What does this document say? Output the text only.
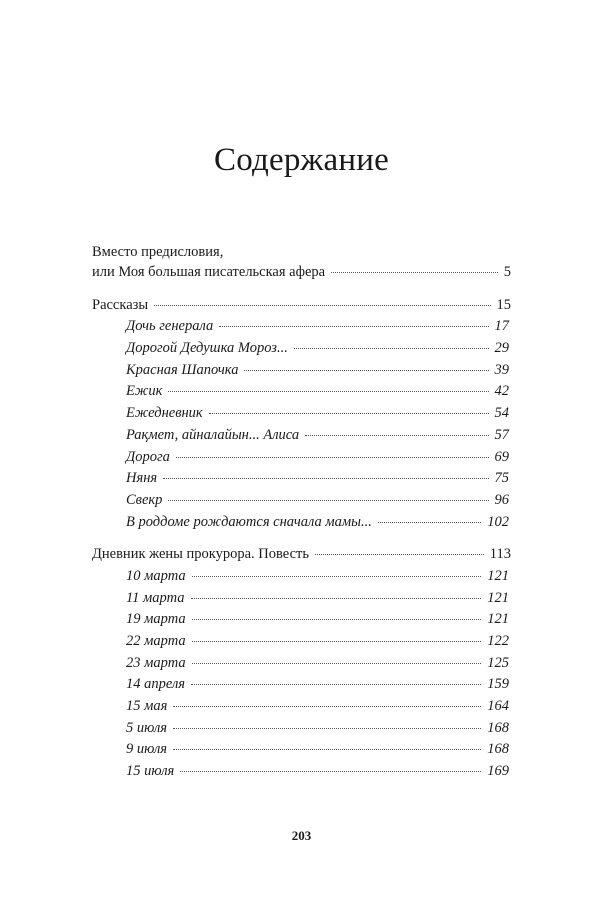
Содержание
Вместо предисловия,
или Моя большая писательская афера	5
Рассказы	15
Дочь генерала	17
Дорогой Дедушка Мороз...	29
Красная Шапочка	39
Ежик	42
Ежедневник	54
Рақмет, айналайын... Алиса	57
Дорога	69
Няня	75
Свекр	96
В роддоме рождаются сначала мамы...	102
Дневник жены прокурора. Повесть	113
10 марта	121
11 марта	121
19 марта	121
22 марта	122
23 марта	125
14 апреля	159
15 мая	164
5 июля	168
9 июля	168
15 июля	169
203
